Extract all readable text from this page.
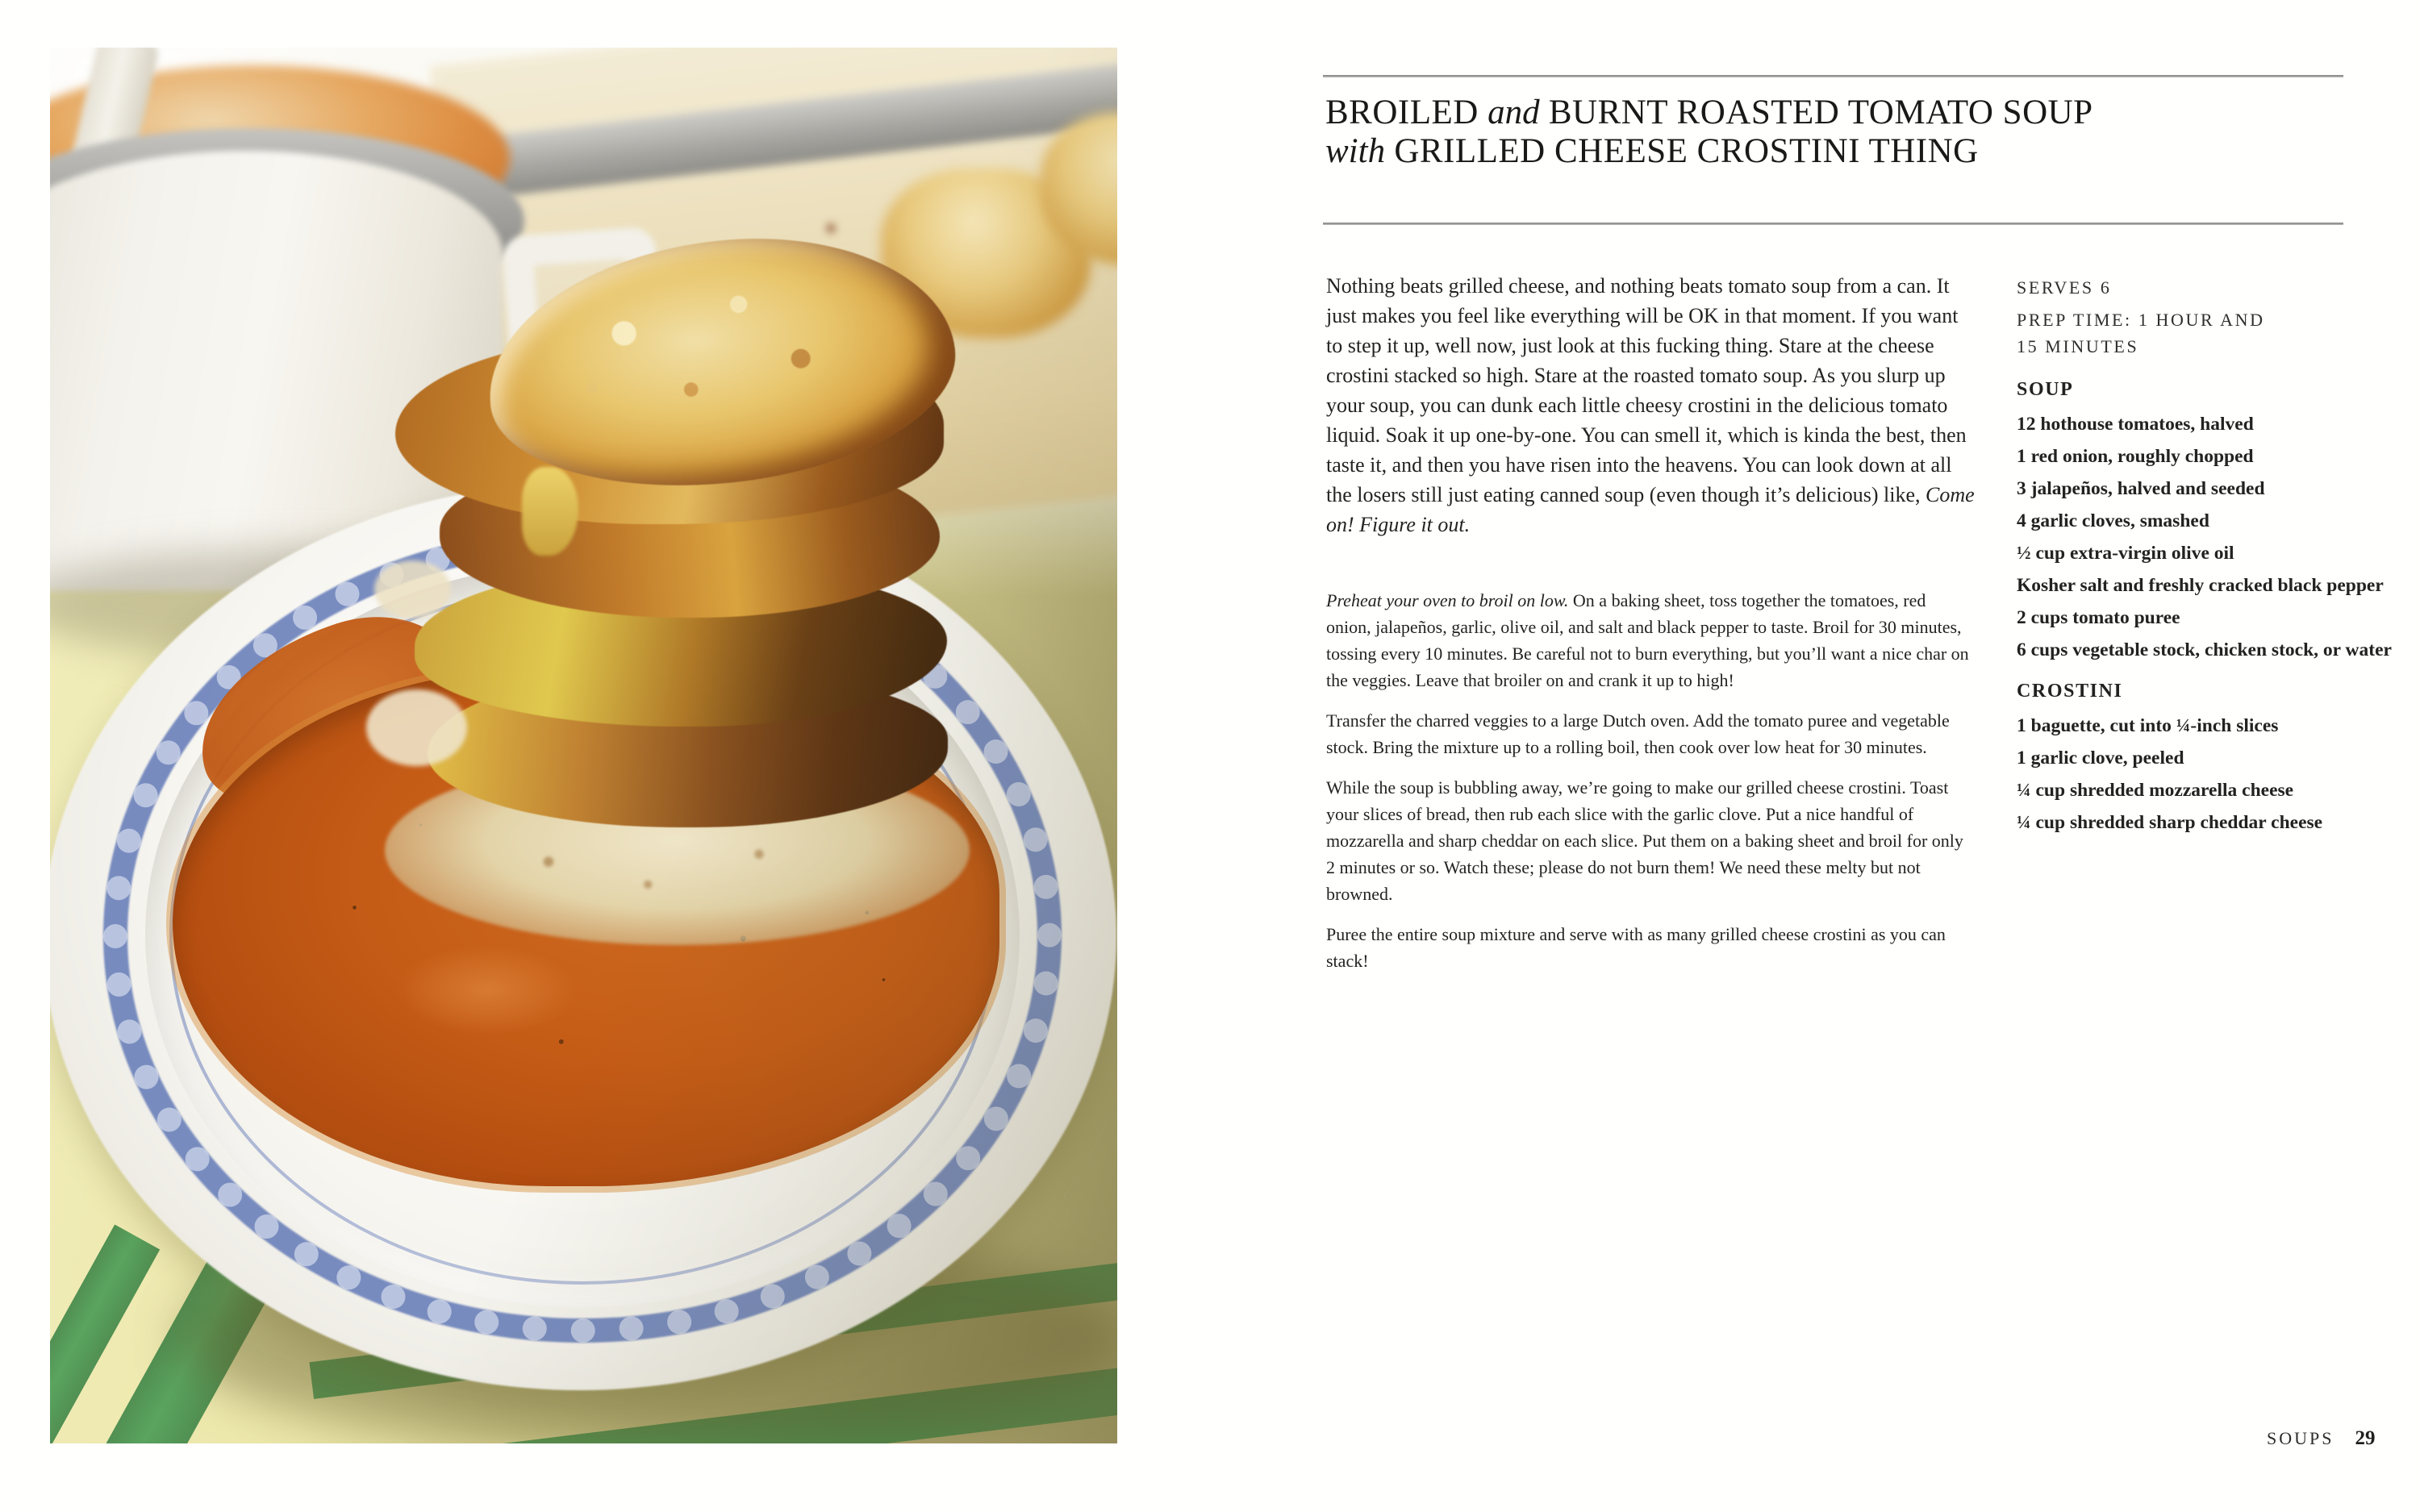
BROILED and BURNT ROASTED TOMATO SOUP
with GRILLED CHEESE CROSTINI THING

Nothing beats grilled cheese, and nothing beats tomato soup from a can. It just makes you feel like everything will be OK in that moment. If you want to step it up, well now, just look at this fucking thing. Stare at the cheese crostini stacked so high. Stare at the roasted tomato soup. As you slurp up your soup, you can dunk each little cheesy crostini in the delicious tomato liquid. Soak it up one-by-one. You can smell it, which is kinda the best, then taste it, and then you have risen into the heavens. You can look down at all the losers still just eating canned soup (even though it’s delicious) like, Come on! Figure it out.

Preheat your oven to broil on low. On a baking sheet, toss together the tomatoes, red onion, jalapeños, garlic, olive oil, and salt and black pepper to taste. Broil for 30 minutes, tossing every 10 minutes. Be careful not to burn everything, but you’ll want a nice char on the veggies. Leave that broiler on and crank it up to high!

Transfer the charred veggies to a large Dutch oven. Add the tomato puree and vegetable stock. Bring the mixture up to a rolling boil, then cook over low heat for 30 minutes.

While the soup is bubbling away, we’re going to make our grilled cheese crostini. Toast your slices of bread, then rub each slice with the garlic clove. Put a nice handful of mozzarella and sharp cheddar on each slice. Put them on a baking sheet and broil for only 2 minutes or so. Watch these; please do not burn them! We need these melty but not browned.

Puree the entire soup mixture and serve with as many grilled cheese crostini as you can stack!

SERVES 6
PREP TIME: 1 HOUR AND
15 MINUTES
SOUP
12 hothouse tomatoes, halved
1 red onion, roughly chopped
3 jalapeños, halved and seeded
4 garlic cloves, smashed
½ cup extra-virgin olive oil
Kosher salt and freshly cracked black pepper
2 cups tomato puree
6 cups vegetable stock, chicken stock, or water
CROSTINI
1 baguette, cut into ¼-inch slices
1 garlic clove, peeled
¼ cup shredded mozzarella cheese
¼ cup shredded sharp cheddar cheese
SOUPS 29
